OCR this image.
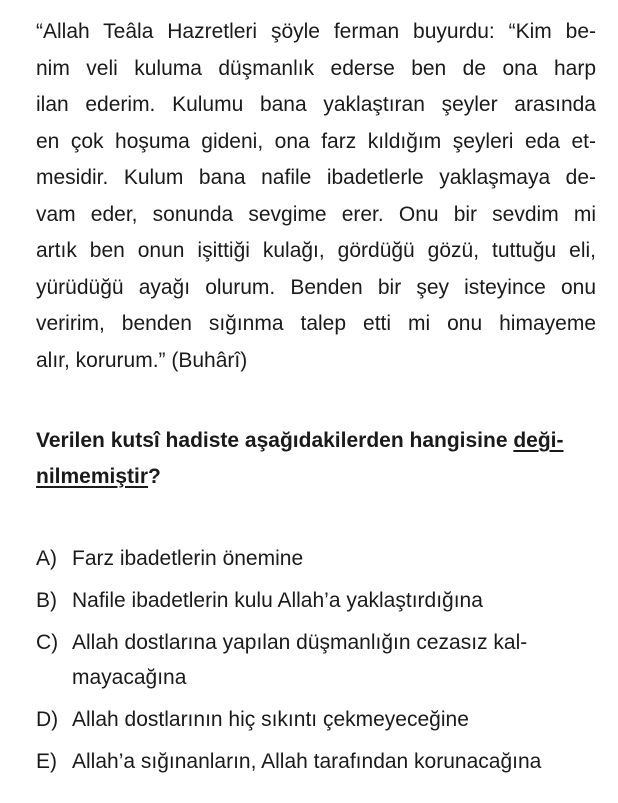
“Allah Teâla Hazretleri şöyle ferman buyurdu: “Kim be-
nim veli kuluma düşmanlık ederse ben de ona harp
ilan ederim. Kulumu bana yaklaştıran şeyler arasında
en çok hoşuma gideni, ona farz kıldığım şeyleri eda et-
mesidir. Kulum bana nafile ibadetlerle yaklaşmaya de-
vam eder, sonunda sevgime erer. Onu bir sevdim mi
artık ben onun işittiği kulağı, gördüğü gözü, tuttuğu eli,
yürüdüğü ayağı olurum. Benden bir şey isteyince onu
veririm, benden sığınma talep etti mi onu himayeme
alır, korurum.” (Buhârî)

Verilen kutsî hadiste aşağıdakilerden hangisine deği-
nilmemiştir?

A) Farz ibadetlerin önemine
B) Nafile ibadetlerin kulu Allah’a yaklaştırdığına
C) Allah dostlarına yapılan düşmanlığın cezasız kal- mayacağına
D) Allah dostlarının hiç sıkıntı çekmeyeceğine
E) Allah’a sığınanların, Allah tarafından korunacağına
